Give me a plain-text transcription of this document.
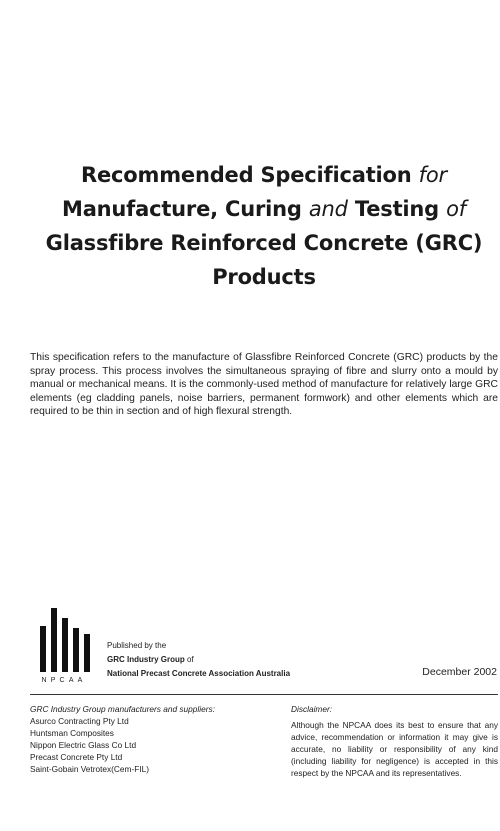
Recommended Specification for
Manufacture, Curing and Testing of
Glassfibre Reinforced Concrete (GRC)
Products

This specification refers to the manufacture of Glassfibre Reinforced Concrete (GRC) products by the spray process. This process involves the simultaneous spraying of fibre and slurry onto a mould by manual or mechanical means. It is the commonly-used method of manufacture for relatively large GRC elements (eg cladding panels, noise barriers, permanent formwork) and other elements which are required to be thin in section and of high flexural strength.

NPCAA
Published by the
GRC Industry Group of
National Precast Concrete Association Australia	December 2002
GRC Industry Group manufacturers and suppliers:
Asurco Contracting Pty Ltd
Huntsman Composites
Nippon Electric Glass Co Ltd
Precast Concrete Pty Ltd
Saint-Gobain Vetrotex(Cem-FIL)
Disclaimer:
Although the NPCAA does its best to ensure that any advice, recommendation or information it may give is accurate, no liability or responsibility of any kind (including liability for negligence) is accepted in this respect by the NPCAA and its representatives.
